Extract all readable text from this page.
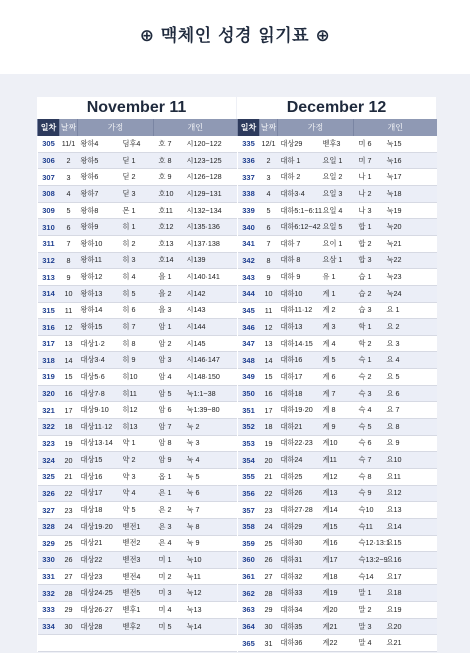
⊕ 맥체인 성경 읽기표 ⊕
November 11
일차	날짜	가정		개인	
305	11/1	왕하4	딤후4	호 7	시120~122
306	2	왕하5	딛 1	호 8	시123~125
307	3	왕하6	딛 2	호 9	시126~128
308	4	왕하7	딛 3	호10	시129~131
309	5	왕하8	몬 1	호11	시132~134
310	6	왕하9	히 1	호12	시135·136
311	7	왕하10	히 2	호13	시137·138
312	8	왕하11	히 3	호14	시139
313	9	왕하12	히 4	욜 1	시140·141
314	10	왕하13	히 5	욜 2	시142
315	11	왕하14	히 6	욜 3	시143
316	12	왕하15	히 7	암 1	시144
317	13	대상1·2	히 8	암 2	시145
318	14	대상3·4	히 9	암 3	시146·147
319	15	대상5·6	히10	암 4	시148·150
320	16	대상7·8	히11	암 5	눅1:1~38
321	17	대상9·10	히12	암 6	눅1:39~80
322	18	대상11·12	히13	암 7	눅 2
323	19	대상13·14	약 1	암 8	눅 3
324	20	대상15	약 2	암 9	눅 4
325	21	대상16	약 3	옵 1	눅 5
326	22	대상17	약 4	욘 1	눅 6
327	23	대상18	약 5	욘 2	눅 7
328	24	대상19·20	벧전1	욘 3	눅 8
329	25	대상21	벧전2	욘 4	눅 9
330	26	대상22	벧전3	미 1	눅10
331	27	대상23	벧전4	미 2	눅11
332	28	대상24·25	벧전5	미 3	눅12
333	29	대상26·27	벧후1	미 4	눅13
334	30	대상28	벧후2	미 5	눅14

December 12
일차	날짜	가정		개인	
335	12/1	대상29	벧후3	미 6	눅15
336	2	대하 1	요일 1	미 7	눅16
337	3	대하 2	요일 2	나 1	눅17
338	4	대하3·4	요일 3	나 2	눅18
339	5	대하5:1~6:11	요일 4	나 3	눅19
340	6	대하6:12~42	요일 5	합 1	눅20
341	7	대하 7	요이 1	합 2	눅21
342	8	대하 8	요삼 1	합 3	눅22
343	9	대하 9	유 1	습 1	눅23
344	10	대하10	계 1	습 2	눅24
345	11	대하11·12	계 2	습 3	요 1
346	12	대하13	계 3	학 1	요 2
347	13	대하14·15	계 4	학 2	요 3
348	14	대하16	계 5	슥 1	요 4
349	15	대하17	계 6	슥 2	요 5
350	16	대하18	계 7	슥 3	요 6
351	17	대하19·20	계 8	슥 4	요 7
352	18	대하21	계 9	슥 5	요 8
353	19	대하22·23	계10	슥 6	요 9
354	20	대하24	계11	슥 7	요10
355	21	대하25	계12	슥 8	요11
356	22	대하26	계13	슥 9	요12
357	23	대하27·28	계14	슥10	요13
358	24	대하29	계15	슥11	요14
359	25	대하30	계16	슥12·13:1	요15
360	26	대하31	계17	슥13:2~9	요16
361	27	대하32	계18	슥14	요17
362	28	대하33	계19	말 1	요18
363	29	대하34	계20	말 2	요19
364	30	대하35	계21	말 3	요20
365	31	대하36	계22	말 4	요21
